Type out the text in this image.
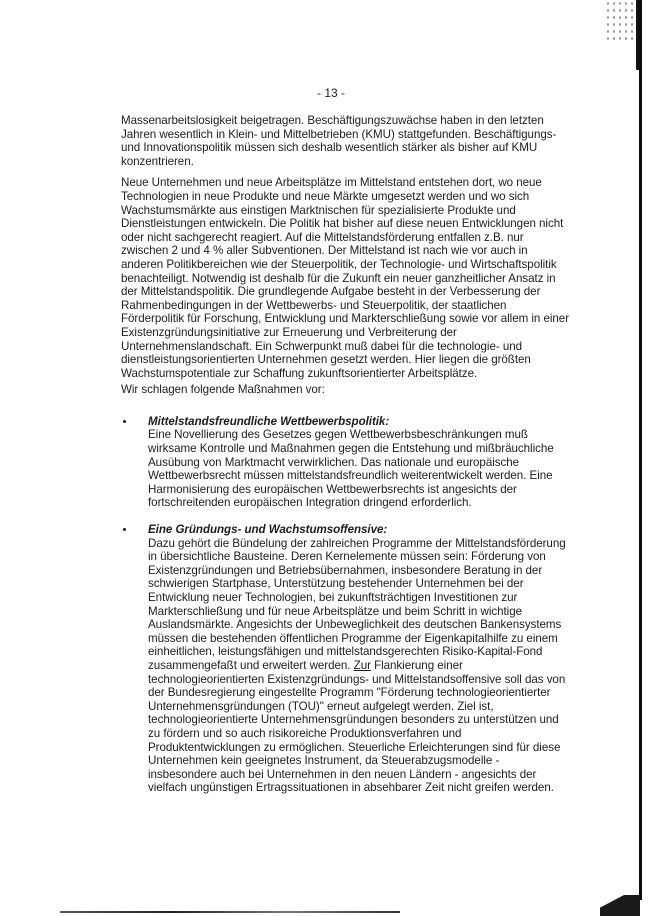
- 13 -

Massenarbeitslosigkeit beigetragen. Beschäftigungszuwächse haben in den letzten Jahren wesentlich in Klein- und Mittelbetrieben (KMU) stattgefunden. Beschäftigungs- und Innovationspolitik müssen sich deshalb wesentlich stärker als bisher auf KMU konzentrieren.

Neue Unternehmen und neue Arbeitsplätze im Mittelstand entstehen dort, wo neue Technologien in neue Produkte und neue Märkte umgesetzt werden und wo sich Wachstumsmärkte aus einstigen Marktnischen für spezialisierte Produkte und Dienstleistungen entwickeln. Die Politik hat bisher auf diese neuen Entwicklungen nicht oder nicht sachgerecht reagiert. Auf die Mittelstandsförderung entfallen z.B. nur zwischen 2 und 4 % aller Subventionen. Der Mittelstand ist nach wie vor auch in anderen Politikbereichen wie der Steuerpolitik, der Technologie- und Wirtschaftspolitik benachteiligt. Notwendig ist deshalb für die Zukunft ein neuer ganzheitlicher Ansatz in der Mittelstandspolitik. Die grundlegende Aufgabe besteht in der Verbesserung der Rahmenbedingungen in der Wettbewerbs- und Steuerpolitik, der staatlichen Förderpolitik für Forschung, Entwicklung und Markterschließung sowie vor allem in einer Existenzgründungsinitiative zur Erneuerung und Verbreiterung der Unternehmenslandschaft. Ein Schwerpunkt muß dabei für die technologie- und dienstleistungsorientierten Unternehmen gesetzt werden. Hier liegen die größten Wachstumspotentiale zur Schaffung zukunftsorientierter Arbeitsplätze.

Wir schlagen folgende Maßnahmen vor:

Mittelstandsfreundliche Wettbewerbspolitik:
Eine Novellierung des Gesetzes gegen Wettbewerbsbeschränkungen muß wirksame Kontrolle und Maßnahmen gegen die Entstehung und mißbräuchliche Ausübung von Marktmacht verwirklichen. Das nationale und europäische Wettbewerbsrecht müssen mittelstandsfreundlich weiterentwickelt werden. Eine Harmonisierung des europäischen Wettbewerbsrechts ist angesichts der fortschreitenden europäischen Integration dringend erforderlich.
Eine Gründungs- und Wachstumsoffensive:
Dazu gehört die Bündelung der zahlreichen Programme der Mittelstandsförderung in übersichtliche Bausteine. Deren Kernelemente müssen sein: Förderung von Existenzgründungen und Betriebsübernahmen, insbesondere Beratung in der schwierigen Startphase, Unterstützung bestehender Unternehmen bei der Entwicklung neuer Technologien, bei zukunftsträchtigen Investitionen zur Markterschließung und für neue Arbeitsplätze und beim Schritt in wichtige Auslandsmärkte. Angesichts der Unbeweglichkeit des deutschen Bankensystems müssen die bestehenden öffentlichen Programme der Eigenkapitalhilfe zu einem einheitlichen, leistungsfähigen und mittelstandsgerechten Risiko-Kapital-Fond zusammengefaßt und erweitert werden. Zur Flankierung einer technologieorientierten Existenzgründungs- und Mittelstandsoffensive soll das von der Bundesregierung eingestellte Programm "Förderung technologieorientierter Unternehmensgründungen (TOU)" erneut aufgelegt werden. Ziel ist, technologieorientierte Unternehmensgründungen besonders zu unterstützen und zu fördern und so auch risikoreiche Produktionsverfahren und Produktentwicklungen zu ermöglichen. Steuerliche Erleichterungen sind für diese Unternehmen kein geeignetes Instrument, da Steuerabzugsmodelle - insbesondere auch bei Unternehmen in den neuen Ländern - angesichts der vielfach ungünstigen Ertragssituationen in absehbarer Zeit nicht greifen werden.
